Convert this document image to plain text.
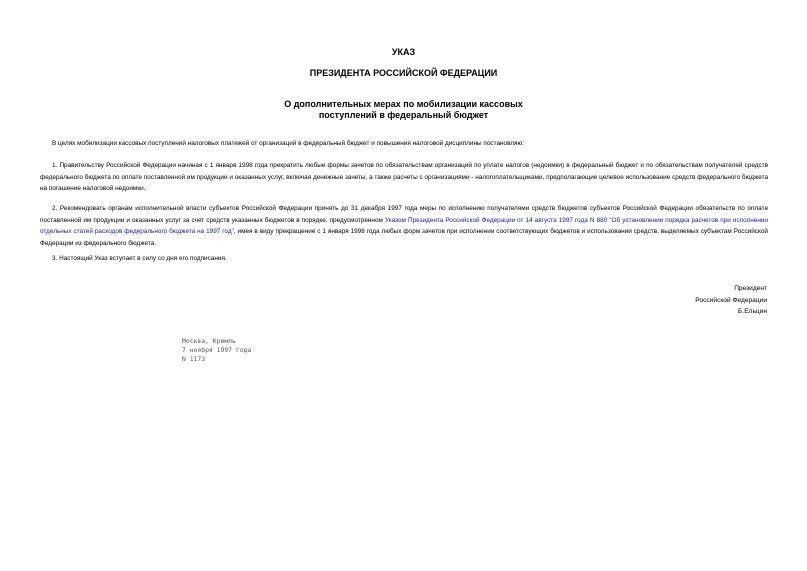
УКАЗ
ПРЕЗИДЕНТА РОССИЙСКОЙ ФЕДЕРАЦИИ
О дополнительных мерах по мобилизации кассовых
поступлений в федеральный бюджет

В целях мобилизации кассовых поступлений налоговых платежей от организаций в федеральный бюджет и повышения налоговой дисциплины постановляю:

1. Правительству Российской Федерации начиная с 1 января 1998 года прекратить любые формы зачетов по обязательствам организаций по уплате налогов (недоимки) в федеральный бюджет и по обязательствам получателей средств федерального бюджета по оплате поставленной им продукции и оказанных услуг, включая денежные зачеты, а также расчеты с организациями - налогоплательщиками, предполагающие целевое использование средств федерального бюджета на погашение налоговой недоимки.

2. Рекомендовать органам исполнительной власти субъектов Российской Федерации принять до 31 декабря 1997 года меры по исполнению получателями средств бюджетов субъектов Российской Федерации обязательств по оплате поставленной им продукции и оказанных услуг за счет средств указанных бюджетов в порядке, предусмотренном Указом Президента Российской Федерации от 14 августа 1997 года N 880 "Об установлении порядка расчетов при исполнении отдельных статей расходов федерального бюджета на 1997 год", имея в виду прекращение с 1 января 1998 года любых форм зачетов при исполнении соответствующих бюджетов и использовании средств, выделяемых субъектам Российской Федерации из федерального бюджета.

3. Настоящий Указ вступает в силу со дня его подписания.

Президент
Российской Федерации
Б.Ельцин
Москва, Кремль
7 ноября 1997 года
N 1173
